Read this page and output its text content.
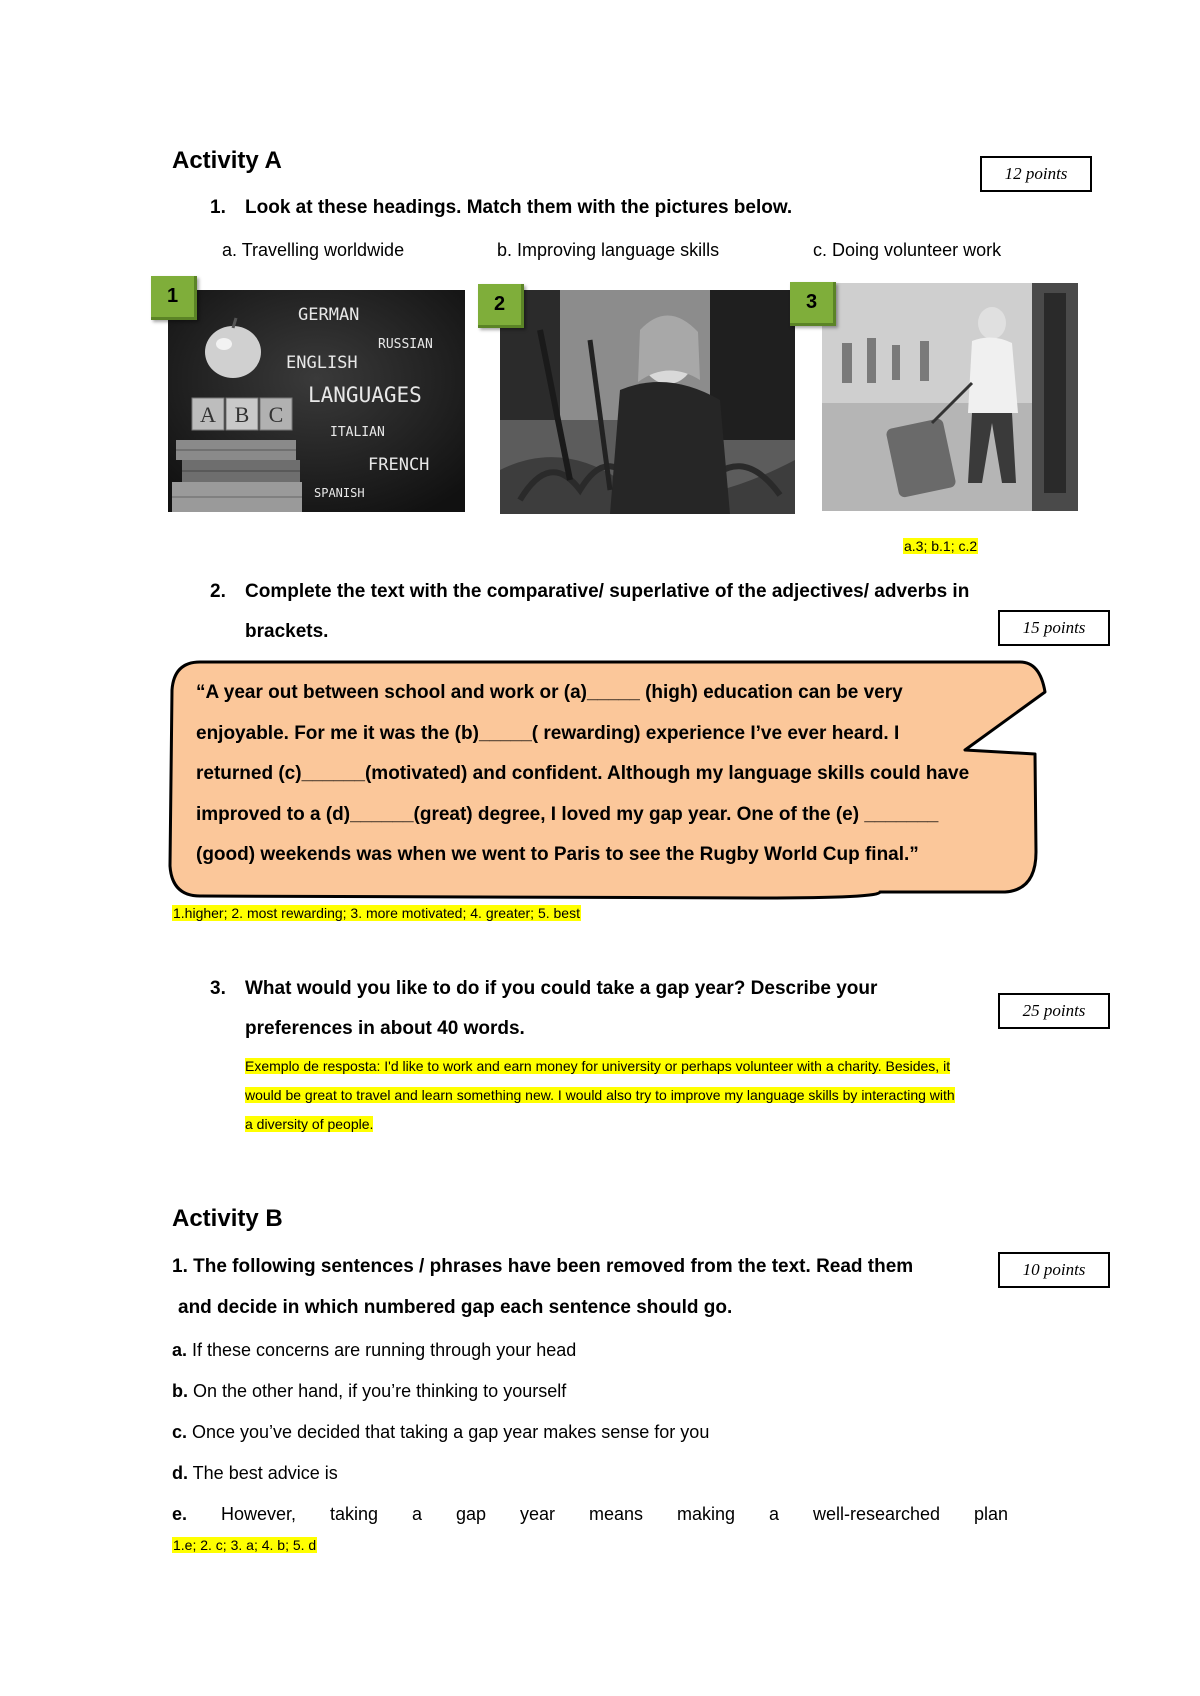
Activity A	12 points
1. Look at these headings. Match them with the pictures below.
a. Travelling worldwide	b. Improving language skills	c. Doing volunteer work
A B C
GERMAN
RUSSIAN
ENGLISH
LANGUAGES
ITALIAN
FRENCH
SPANISH
1	2	3
a.3; b.1; c.2
2. Complete the text with the comparative/ superlative of the adjectives/ adverbs in
brackets.	15 points
“A year out between school and work or (a)_____ (high) education can be very
enjoyable. For me it was the (b)_____( rewarding) experience I’ve ever heard. I
returned (c)______(motivated) and confident. Although my language skills could have
improved to a (d)______(great) degree, I loved my gap year. One of the (e) _______
(good) weekends was when we went to Paris to see the Rugby World Cup final.”
1.higher; 2. most rewarding; 3. more motivated; 4. greater; 5. best
3. What would you like to do if you could take a gap year? Describe your
preferences in about 40 words.
25 points
Exemplo de resposta: I'd like to work and earn money for university or perhaps volunteer with a charity. Besides, it
would be great to travel and learn something new. I would also try to improve my language skills by interacting with
a diversity of people.
Activity B
1. The following sentences / phrases have been removed from the text. Read them
and decide in which numbered gap each sentence should go.
10 points
a. If these concerns are running through your head
b. On the other hand, if you’re thinking to yourself
c. Once you’ve decided that taking a gap year makes sense for you
d. The best advice is
e. However, taking a gap year means making a well-researched plan
1.e; 2. c; 3. a; 4. b; 5. d
